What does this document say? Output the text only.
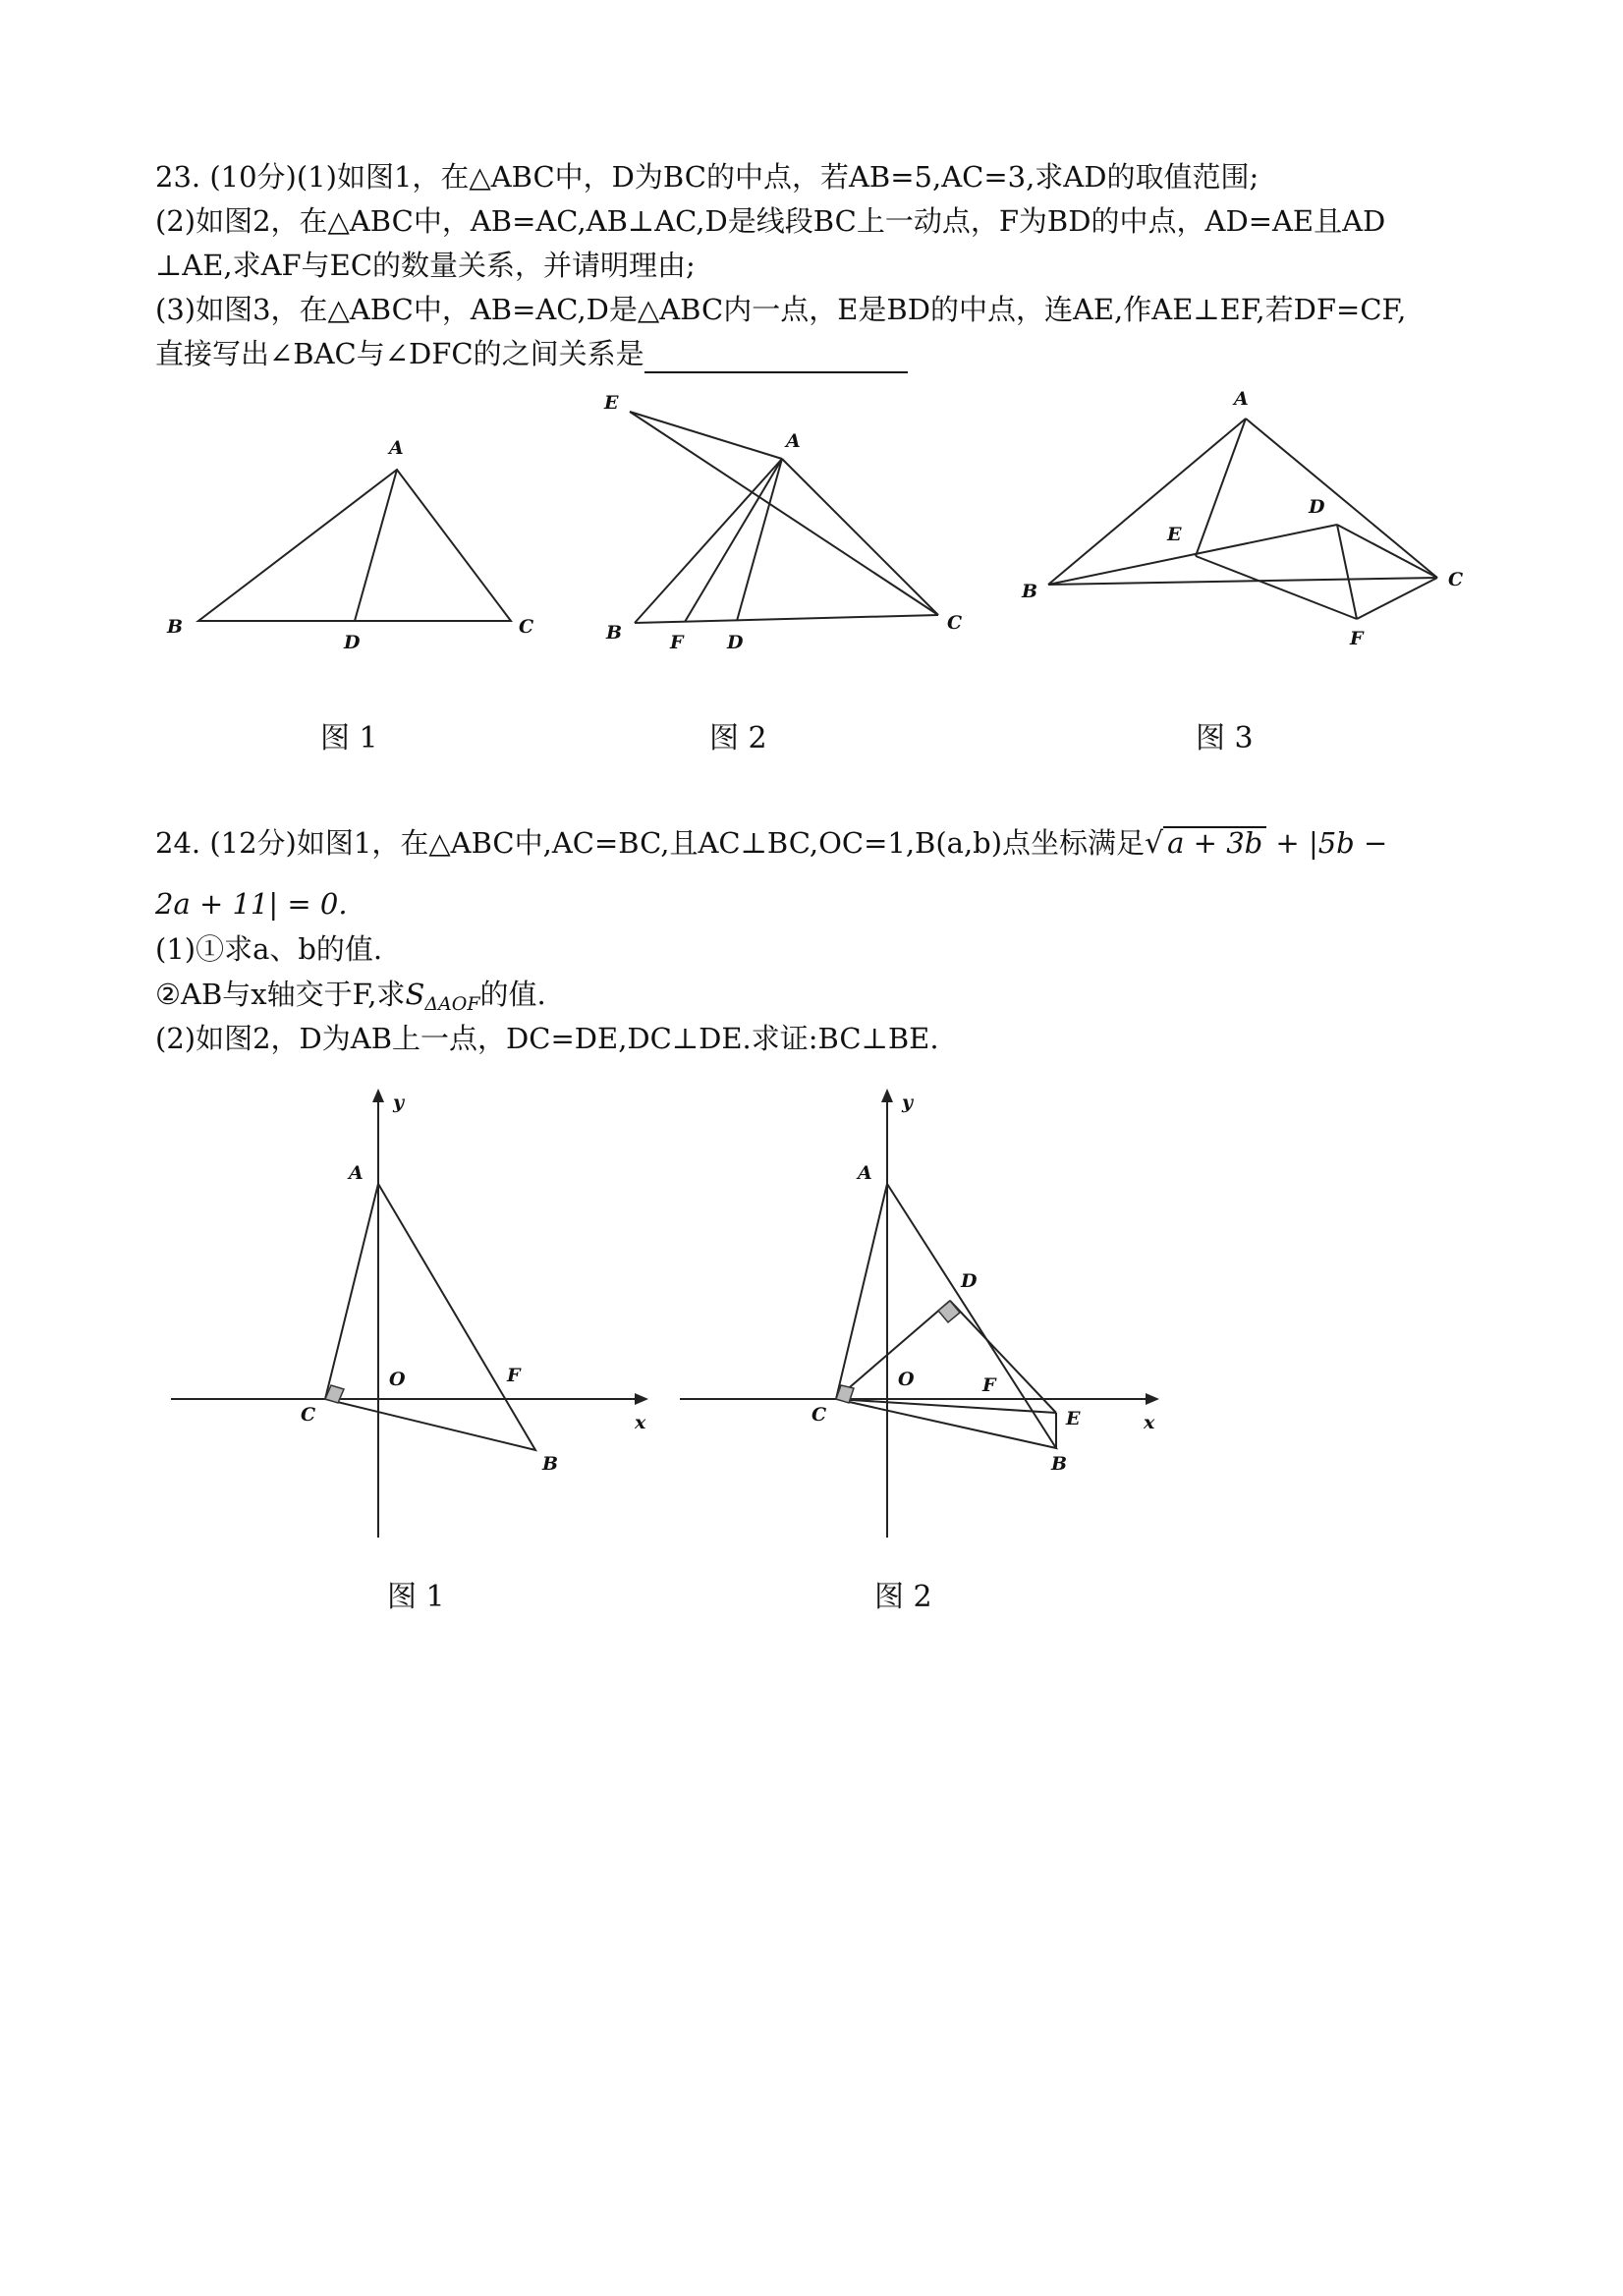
23. (10分)(1)如图1，在△ABC中，D为BC的中点，若AB=5,AC=3,求AD的取值范围;
(2)如图2，在△ABC中，AB=AC,AB⊥AC,D是线段BC上一动点，F为BD的中点，AD=AE且AD
⊥AE,求AF与EC的数量关系，并请明理由;
(3)如图3，在△ABC中，AB=AC,D是△ABC内一点，E是BD的中点，连AE,作AE⊥EF,若DF=CF,
直接写出∠BAC与∠DFC的之间关系是
A
B	C
D
A
B	C
D
E
F
A
B
C
D
E
F
A
B
C
O	F
x
y
A
B
C
D
E
F
O
x
y
图 1	图 2	图 3
24. (12分)如图1，在△ABC中,AC=BC,且AC⊥BC,OC=1,B(a,b)点坐标满足√ a + 3b + |5b −
2a + 11| = 0.
(1)①求a、b的值.
②AB与x轴交于F,求$S_{\Delta AOF}$的值.
(2)如图2，D为AB上一点，DC=DE,DC⊥DE.求证:BC⊥BE.
图 1	图 2
